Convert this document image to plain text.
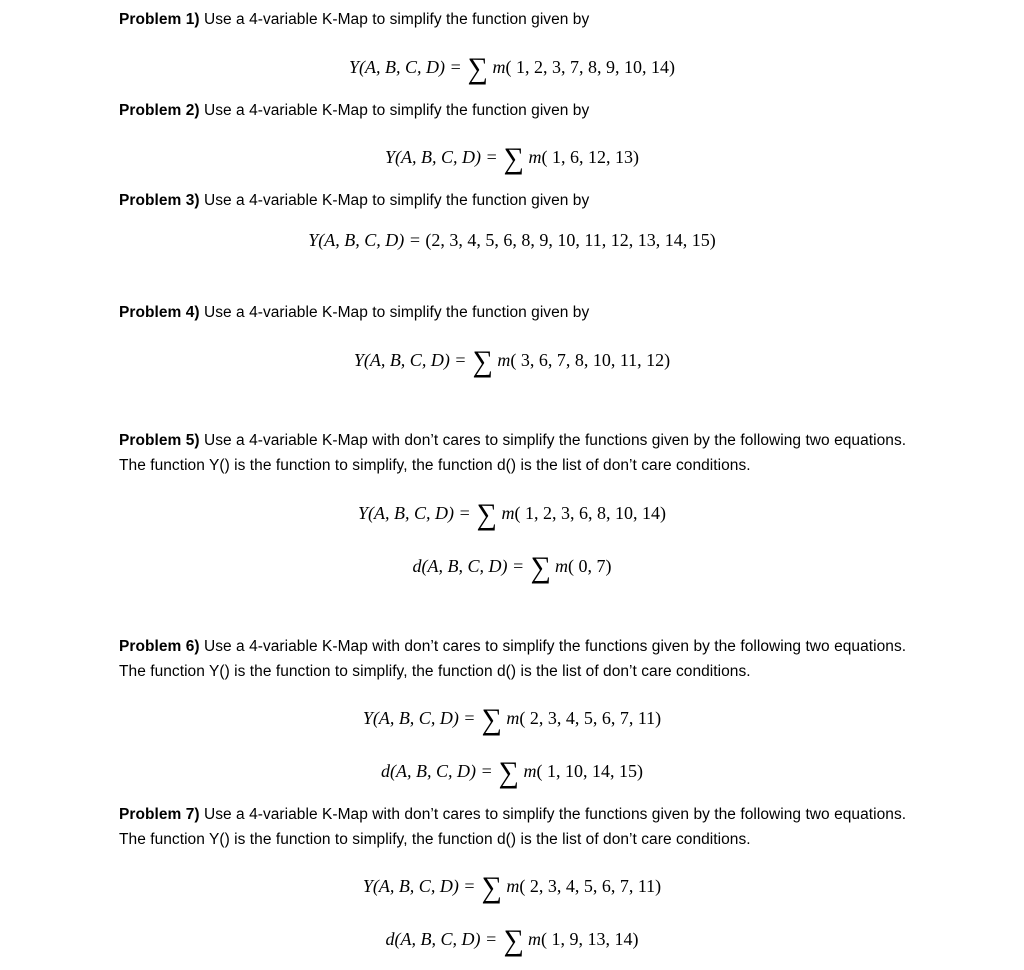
Problem 1) Use a 4-variable K-Map to simplify the function given by
Y(A, B, C, D) = ∑ m( 1, 2, 3, 7, 8, 9, 10, 14)
Problem 2) Use a 4-variable K-Map to simplify the function given by
Y(A, B, C, D) = ∑ m( 1, 6, 12, 13)
Problem 3) Use a 4-variable K-Map to simplify the function given by
Y(A, B, C, D) = (2, 3, 4, 5, 6, 8, 9, 10, 11, 12, 13, 14, 15)
Problem 4) Use a 4-variable K-Map to simplify the function given by
Y(A, B, C, D) = ∑ m( 3, 6, 7, 8, 10, 11, 12)
Problem 5) Use a 4-variable K-Map with don’t cares to simplify the functions given by the following two equations. The function Y() is the function to simplify, the function d() is the list of don’t care conditions.
Y(A, B, C, D) = ∑ m( 1, 2, 3, 6, 8, 10, 14)
d(A, B, C, D) = ∑ m( 0, 7)
Problem 6) Use a 4-variable K-Map with don’t cares to simplify the functions given by the following two equations. The function Y() is the function to simplify, the function d() is the list of don’t care conditions.
Y(A, B, C, D) = ∑ m( 2, 3, 4, 5, 6, 7, 11)
d(A, B, C, D) = ∑ m( 1, 10, 14, 15)
Problem 7) Use a 4-variable K-Map with don’t cares to simplify the functions given by the following two equations. The function Y() is the function to simplify, the function d() is the list of don’t care conditions.
Y(A, B, C, D) = ∑ m( 2, 3, 4, 5, 6, 7, 11)
d(A, B, C, D) = ∑ m( 1, 9, 13, 14)
